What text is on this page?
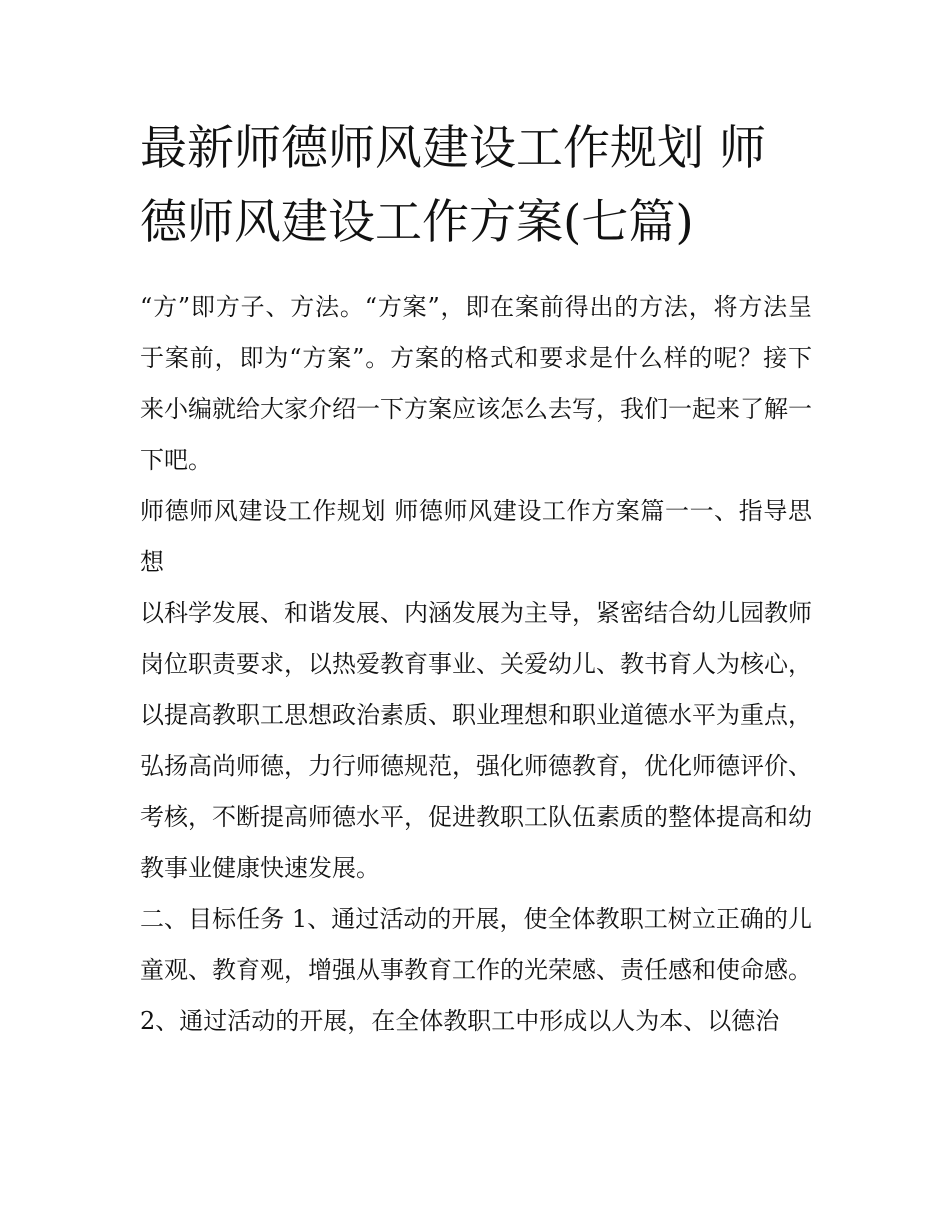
最新师德师风建设工作规划 师德师风建设工作方案(七篇)

“方”即方子、方法。“方案”，即在案前得出的方法，将方法呈于案前，即为“方案”。方案的格式和要求是什么样的呢？接下来小编就给大家介绍一下方案应该怎么去写，我们一起来了解一下吧。

师德师风建设工作规划 师德师风建设工作方案篇一一、指导思想

以科学发展、和谐发展、内涵发展为主导，紧密结合幼儿园教师岗位职责要求，以热爱教育事业、关爱幼儿、教书育人为核心，以提高教职工思想政治素质、职业理想和职业道德水平为重点，弘扬高尚师德，力行师德规范，强化师德教育，优化师德评价、考核，不断提高师德水平，促进教职工队伍素质的整体提高和幼教事业健康快速发展。

二、目标任务 1、通过活动的开展，使全体教职工树立正确的儿童观、教育观，增强从事教育工作的光荣感、责任感和使命感。

2、通过活动的开展，在全体教职工中形成以人为本、以德治
